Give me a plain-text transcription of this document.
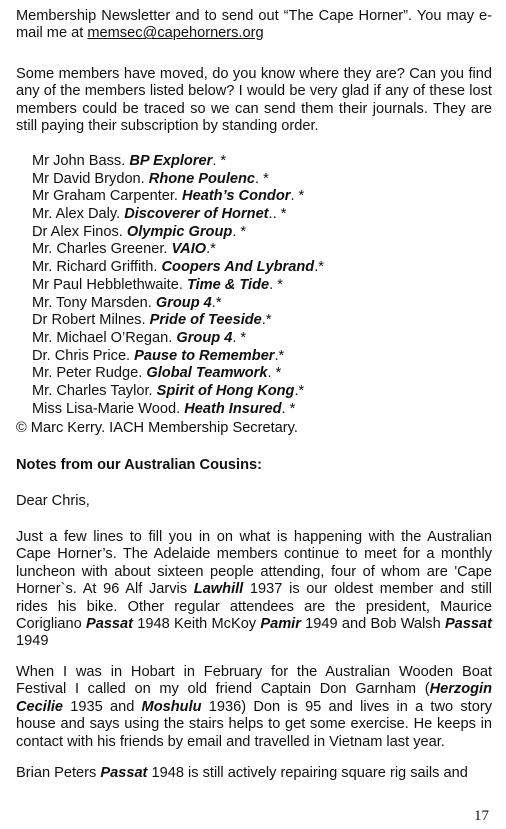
Membership Newsletter and to send out “The Cape Horner”. You may e-mail me at memsec@capehorners.org

Some members have moved, do you know where they are? Can you find any of the members listed below? I would be very glad if any of these lost members could be traced so we can send them their journals. They are still paying their subscription by standing order.

Mr John Bass. BP Explorer. *
Mr David Brydon. Rhone Poulenc. *
Mr Graham Carpenter. Heath’s Condor. *
Mr. Alex Daly. Discoverer of Hornet.. *
Dr Alex Finos. Olympic Group. *
Mr. Charles Greener. VAIO.*
Mr. Richard Griffith. Coopers And Lybrand.*
Mr Paul Hebblethwaite. Time & Tide. *
Mr. Tony Marsden. Group 4.*
Dr Robert Milnes. Pride of Teeside.*
Mr. Michael O’Regan. Group 4. *
Dr. Chris Price. Pause to Remember.*
Mr. Peter Rudge. Global Teamwork. *
Mr. Charles Taylor. Spirit of Hong Kong.*
Miss Lisa-Marie Wood. Heath Insured. *

© Marc Kerry. IACH Membership Secretary.

Notes from our Australian Cousins:

Dear Chris,

Just a few lines to fill you in on what is happening with the Australian Cape Horner’s. The Adelaide members continue to meet for a monthly luncheon with about sixteen people attending, four of whom are 'Cape Horner`s. At 96 Alf Jarvis Lawhill 1937 is our oldest member and still rides his bike. Other regular attendees are the president, Maurice Corigliano Passat 1948 Keith McKoy Pamir 1949 and Bob Walsh Passat 1949

When I was in Hobart in February for the Australian Wooden Boat Festival I called on my old friend Captain Don Garnham (Herzogin Cecilie 1935 and Moshulu 1936) Don is 95 and lives in a two story house and says using the stairs helps to get some exercise. He keeps in contact with his friends by email and travelled in Vietnam last year.

Brian Peters Passat 1948 is still actively repairing square rig sails and

17
